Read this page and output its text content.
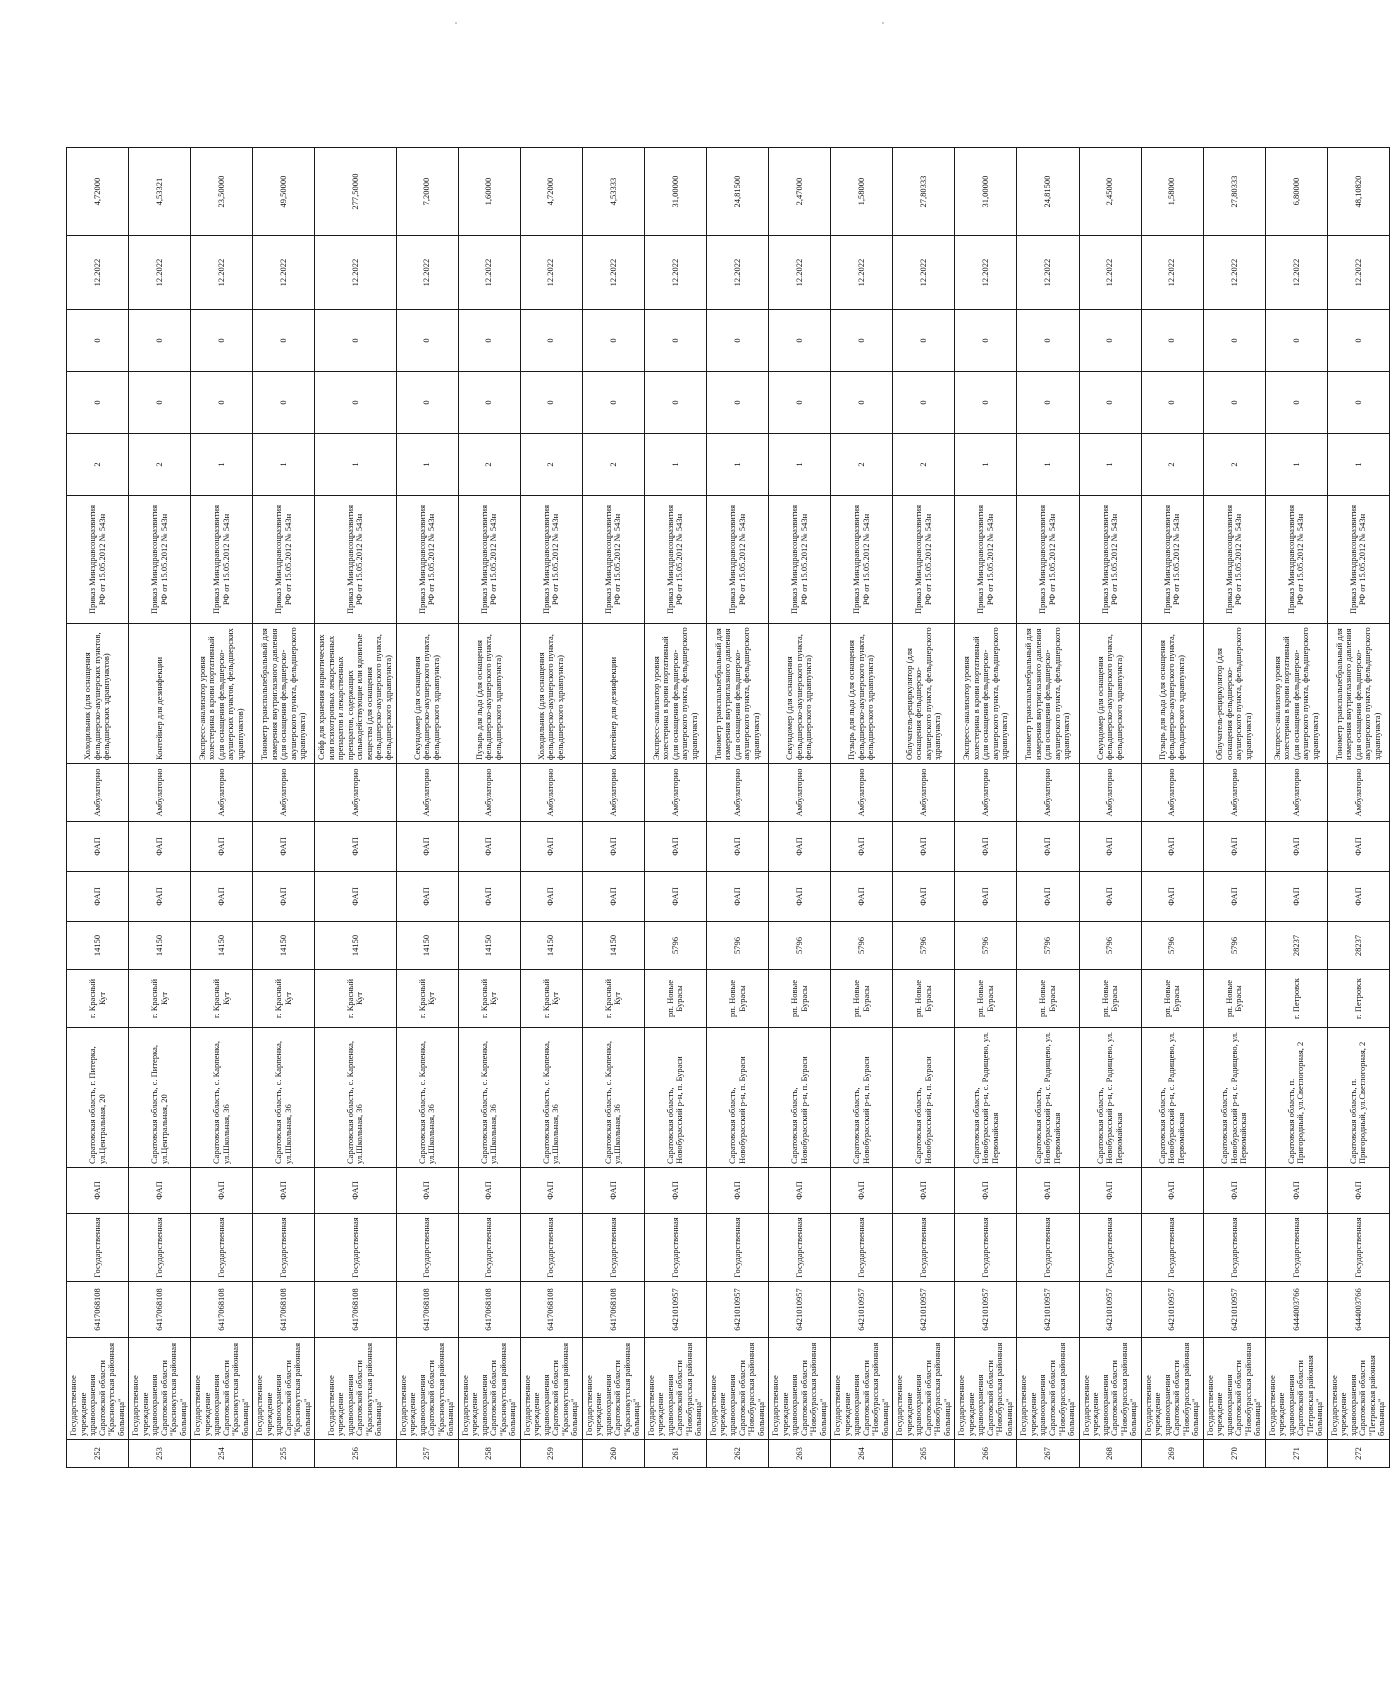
252	Государственное учреждение здравоохранения Саратовской области "Краснокутская районная больница"	6417068108	Государственная	ФАП	Саратовская область, г. Питерка, ул.Центральная, 20	г. Красный Кут	14150	ФАП	ФАП	Амбулаторно	Холодильник (для оснащения фельдшерско-акушерских пунктов, фельдшерских здравпунктов)	Приказ Минздравсоцразвития РФ от 15.05.2012 № 543н	2	0	0	12.2022	4,72000
253	Государственное учреждение здравоохранения Саратовской области "Краснокутская районная больница"	6417068108	Государственная	ФАП	Саратовская область, с. Питерка, ул.Центральная, 20	г. Красный Кут	14150	ФАП	ФАП	Амбулаторно	Контейнер для дезинфекции	Приказ Минздравсоцразвития РФ от 15.05.2012 № 543н	2	0	0	12.2022	4,53321
254	Государственное учреждение здравоохранения Саратовской области "Краснокутская районная больница"	6417068108	Государственная	ФАП	Саратовская область, с. Карпенка, ул.Школьная, 36	г. Красный Кут	14150	ФАП	ФАП	Амбулаторно	Экспресс-анализатор уровня холестерина в крови портативный (для оснащения фельдшерско-акушерских пунктов, фельдшерских здравпунктов)	Приказ Минздравсоцразвития РФ от 15.05.2012 № 543н	1	0	0	12.2022	23,50000
255	Государственное учреждение здравоохранения Саратовской области "Краснокутская районная больница"	6417068108	Государственная	ФАП	Саратовская область, с. Карпенка, ул.Школьная, 36	г. Красный Кут	14150	ФАП	ФАП	Амбулаторно	Тонометр транспальпебральный для измерения внутриглазного давления (для оснащения фельдшерско-акушерского пункта, фельдшерского здравпункта)	Приказ Минздравсоцразвития РФ от 15.05.2012 № 543н	1	0	0	12.2022	49,50000
256	Государственное учреждение здравоохранения Саратовской области "Краснокутская районная больница"	6417068108	Государственная	ФАП	Саратовская область, с. Карпенка, ул.Школьная, 36	г. Красный Кут	14150	ФАП	ФАП	Амбулаторно	Сейф для хранения наркотических или психотропных лекарственных препаратов и лекарственных препаратов, содержащих сильнодействующие или ядовитые вещества (для оснащения фельдшерско-акушерского пункта, фельдшерского здравпункта)	Приказ Минздравсоцразвития РФ от 15.05.2012 № 543н	1	0	0	12.2022	277,50000
257	Государственное учреждение здравоохранения Саратовской области "Краснокутская районная больница"	6417068108	Государственная	ФАП	Саратовская область, с. Карпенка, ул.Школьная, 36	г. Красный Кут	14150	ФАП	ФАП	Амбулаторно	Секундомер (для оснащения фельдшерско-акушерского пункта, фельдшерского здравпункта)	Приказ Минздравсоцразвития РФ от 15.05.2012 № 543н	1	0	0	12.2022	7,20000
258	Государственное учреждение здравоохранения Саратовской области "Краснокутская районная больница"	6417068108	Государственная	ФАП	Саратовская область, с. Карпенка, ул.Школьная, 36	г. Красный Кут	14150	ФАП	ФАП	Амбулаторно	Пузырь для льда (для оснащения фельдшерско-акушерского пункта, фельдшерского здравпункта)	Приказ Минздравсоцразвития РФ от 15.05.2012 № 543н	2	0	0	12.2022	1,60000
259	Государственное учреждение здравоохранения Саратовской области "Краснокутская районная больница"	6417068108	Государственная	ФАП	Саратовская область, с. Карпенка, ул.Школьная, 36	г. Красный Кут	14150	ФАП	ФАП	Амбулаторно	Холодильник (для оснащения фельдшерско-акушерского пункта, фельдшерского здравпункта)	Приказ Минздравсоцразвития РФ от 15.05.2012 № 543н	2	0	0	12.2022	4,72000
260	Государственное учреждение здравоохранения Саратовской области "Краснокутская районная больница"	6417068108	Государственная	ФАП	Саратовская область, с. Карпенка, ул.Школьная, 36	г. Красный Кут	14150	ФАП	ФАП	Амбулаторно	Контейнер для дезинфекции	Приказ Минздравсоцразвития РФ от 15.05.2012 № 543н	2	0	0	12.2022	4,53333
261	Государственное учреждение здравоохранения Саратовской области "Новобурасская районная больница"	6421010957	Государственная	ФАП	Саратовская область, Новобурасский р-н, п. Бураси	рп. Новые Бурасы	5796	ФАП	ФАП	Амбулаторно	Экспресс-анализатор уровня холестерина в крови портативный (для оснащения фельдшерско-акушерского пункта, фельдшерского здравпункта)	Приказ Минздравсоцразвития РФ от 15.05.2012 № 543н	1	0	0	12.2022	31,00000
262	Государственное учреждение здравоохранения Саратовской области "Новобурасская районная больница"	6421010957	Государственная	ФАП	Саратовская область, Новобурасский р-н, п. Бураси	рп. Новые Бурасы	5796	ФАП	ФАП	Амбулаторно	Тонометр транспальпебральный для измерения внутриглазного давления (для оснащения фельдшерско-акушерского пункта, фельдшерского здравпункта)	Приказ Минздравсоцразвития РФ от 15.05.2012 № 543н	1	0	0	12.2022	24,81500
263	Государственное учреждение здравоохранения Саратовской области "Новобурасская районная больница"	6421010957	Государственная	ФАП	Саратовская область, Новобурасский р-н, п. Бураси	рп. Новые Бурасы	5796	ФАП	ФАП	Амбулаторно	Секундомер (для оснащения фельдшерско-акушерского пункта, фельдшерского здравпункта)	Приказ Минздравсоцразвития РФ от 15.05.2012 № 543н	1	0	0	12.2022	2,47000
264	Государственное учреждение здравоохранения Саратовской области "Новобурасская районная больница"	6421010957	Государственная	ФАП	Саратовская область, Новобурасский р-н, п. Бураси	рп. Новые Бурасы	5796	ФАП	ФАП	Амбулаторно	Пузырь для льда (для оснащения фельдшерско-акушерского пункта, фельдшерского здравпункта)	Приказ Минздравсоцразвития РФ от 15.05.2012 № 543н	2	0	0	12.2022	1,58000
265	Государственное учреждение здравоохранения Саратовской области "Новобурасская районная больница"	6421010957	Государственная	ФАП	Саратовская область, Новобурасский р-н, п. Бураси	рп. Новые Бурасы	5796	ФАП	ФАП	Амбулаторно	Облучатель-рециркулятор (для оснащения фельдшерско-акушерского пункта, фельдшерского здравпункта)	Приказ Минздравсоцразвития РФ от 15.05.2012 № 543н	2	0	0	12.2022	27,80333
266	Государственное учреждение здравоохранения Саратовской области "Новобурасская районная больница"	6421010957	Государственная	ФАП	Саратовская область, Новобурасский р-н, с. Радищево, ул. Первомайская	рп. Новые Бурасы	5796	ФАП	ФАП	Амбулаторно	Экспресс-анализатор уровня холестерина в крови портативный (для оснащения фельдшерско-акушерского пункта, фельдшерского здравпункта)	Приказ Минздравсоцразвития РФ от 15.05.2012 № 543н	1	0	0	12.2022	31,00000
267	Государственное учреждение здравоохранения Саратовской области "Новобурасская районная больница"	6421010957	Государственная	ФАП	Саратовская область, Новобурасский р-н, с. Радищево, ул. Первомайская	рп. Новые Бурасы	5796	ФАП	ФАП	Амбулаторно	Тонометр транспальпебральный для измерения внутриглазного давления (для оснащения фельдшерско-акушерского пункта, фельдшерского здравпункта)	Приказ Минздравсоцразвития РФ от 15.05.2012 № 543н	1	0	0	12.2022	24,81500
268	Государственное учреждение здравоохранения Саратовской области "Новобурасская районная больница"	6421010957	Государственная	ФАП	Саратовская область, Новобурасский р-н, с. Радищево, ул. Первомайская	рп. Новые Бурасы	5796	ФАП	ФАП	Амбулаторно	Секундомер (для оснащения фельдшерско-акушерского пункта, фельдшерского здравпункта)	Приказ Минздравсоцразвития РФ от 15.05.2012 № 543н	1	0	0	12.2022	2,45000
269	Государственное учреждение здравоохранения Саратовской области "Новобурасская районная больница"	6421010957	Государственная	ФАП	Саратовская область, Новобурасский р-н, с. Радищево, ул. Первомайская	рп. Новые Бурасы	5796	ФАП	ФАП	Амбулаторно	Пузырь для льда (для оснащения фельдшерско-акушерского пункта, фельдшерского здравпункта)	Приказ Минздравсоцразвития РФ от 15.05.2012 № 543н	2	0	0	12.2022	1,58000
270	Государственное учреждение здравоохранения Саратовской области "Новобурасская районная больница"	6421010957	Государственная	ФАП	Саратовская область, Новобурасский р-н, с. Радищево, ул. Первомайская	рп. Новые Бурасы	5796	ФАП	ФАП	Амбулаторно	Облучатель-рециркулятор (для оснащения фельдшерско-акушерского пункта, фельдшерского здравпункта)	Приказ Минздравсоцразвития РФ от 15.05.2012 № 543н	2	0	0	12.2022	27,80333
271	Государственное учреждение здравоохранения Саратовской области "Петровская районная больница"	6444003766	Государственная	ФАП	Саратовская область, п. Пригородный, ул.Светлогорная, 2	г. Петровск	28237	ФАП	ФАП	Амбулаторно	Экспресс-анализатор уровня холестерина в крови портативный (для оснащения фельдшерско-акушерского пункта, фельдшерского здравпункта)	Приказ Минздравсоцразвития РФ от 15.05.2012 № 543н	1	0	0	12.2022	6,80000
272	Государственное учреждение здравоохранения Саратовской области "Петровская районная больница"	6444003766	Государственная	ФАП	Саратовская область, п. Пригородный, ул.Светлогорная, 2	г. Петровск	28237	ФАП	ФАП	Амбулаторно	Тонометр транспальпебральный для измерения внутриглазного давления (для оснащения фельдшерско-акушерского пункта, фельдшерского здравпункта)	Приказ Минздравсоцразвития РФ от 15.05.2012 № 543н	1	0	0	12.2022	48,10820
